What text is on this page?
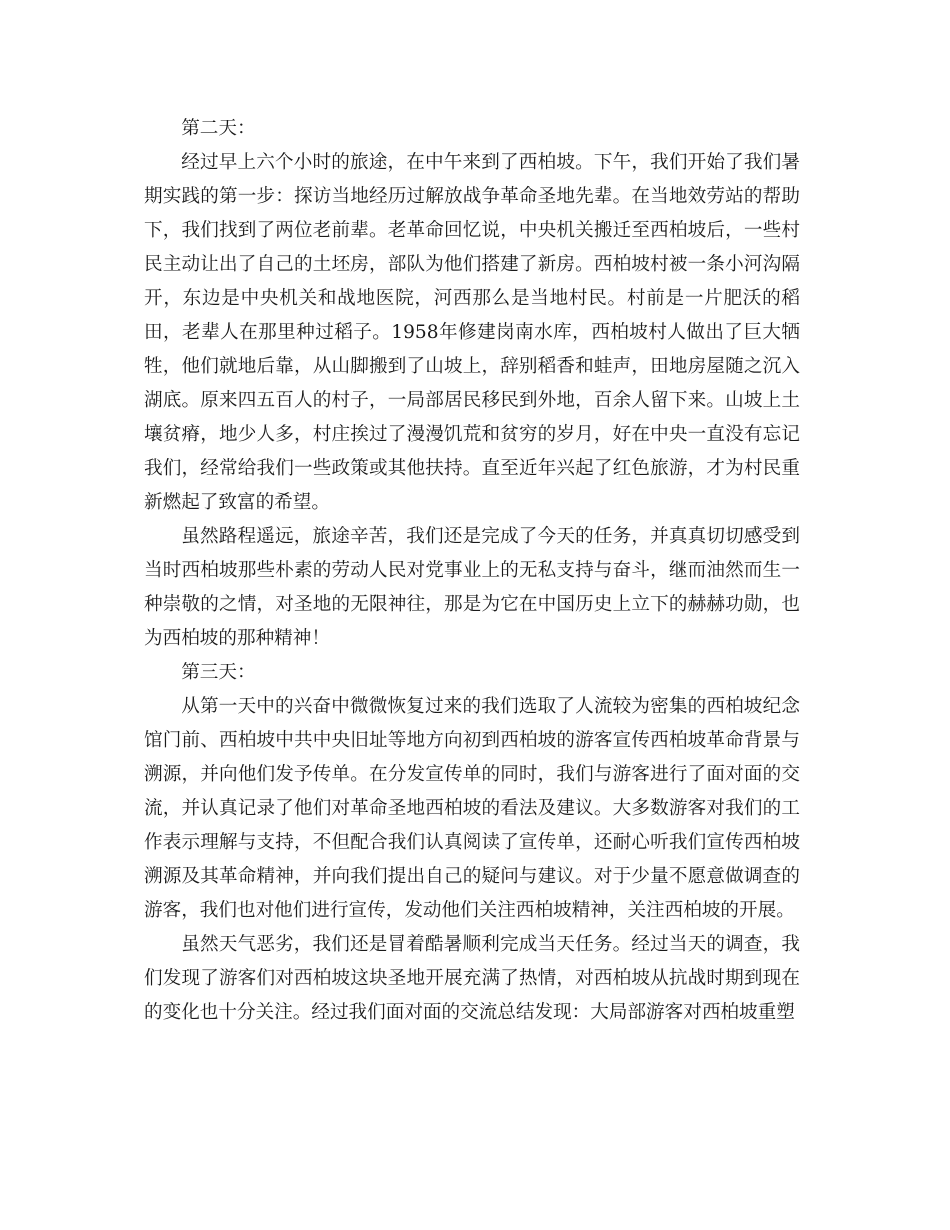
第二天：

经过早上六个小时的旅途，在中午来到了西柏坡。下午，我们开始了我们暑期实践的第一步：探访当地经历过解放战争革命圣地先辈。在当地效劳站的帮助下，我们找到了两位老前辈。老革命回忆说，中央机关搬迁至西柏坡后，一些村民主动让出了自己的土坯房，部队为他们搭建了新房。西柏坡村被一条小河沟隔开，东边是中央机关和战地医院，河西那么是当地村民。村前是一片肥沃的稻田，老辈人在那里种过稻子。1958年修建岗南水库，西柏坡村人做出了巨大牺牲，他们就地后靠，从山脚搬到了山坡上，辞别稻香和蛙声，田地房屋随之沉入湖底。原来四五百人的村子，一局部居民移民到外地，百余人留下来。山坡上土壤贫瘠，地少人多，村庄挨过了漫漫饥荒和贫穷的岁月，好在中央一直没有忘记我们，经常给我们一些政策或其他扶持。直至近年兴起了红色旅游，才为村民重新燃起了致富的希望。

虽然路程遥远，旅途辛苦，我们还是完成了今天的任务，并真真切切感受到当时西柏坡那些朴素的劳动人民对党事业上的无私支持与奋斗，继而油然而生一种崇敬的之情，对圣地的无限神往，那是为它在中国历史上立下的赫赫功勋，也为西柏坡的那种精神！

第三天：

从第一天中的兴奋中微微恢复过来的我们选取了人流较为密集的西柏坡纪念馆门前、西柏坡中共中央旧址等地方向初到西柏坡的游客宣传西柏坡革命背景与溯源，并向他们发予传单。在分发宣传单的同时，我们与游客进行了面对面的交流，并认真记录了他们对革命圣地西柏坡的看法及建议。大多数游客对我们的工作表示理解与支持，不但配合我们认真阅读了宣传单，还耐心听我们宣传西柏坡溯源及其革命精神，并向我们提出自己的疑问与建议。对于少量不愿意做调查的游客，我们也对他们进行宣传，发动他们关注西柏坡精神，关注西柏坡的开展。

虽然天气恶劣，我们还是冒着酷暑顺利完成当天任务。经过当天的调查，我们发现了游客们对西柏坡这块圣地开展充满了热情，对西柏坡从抗战时期到现在的变化也十分关注。经过我们面对面的交流总结发现：大局部游客对西柏坡重塑
